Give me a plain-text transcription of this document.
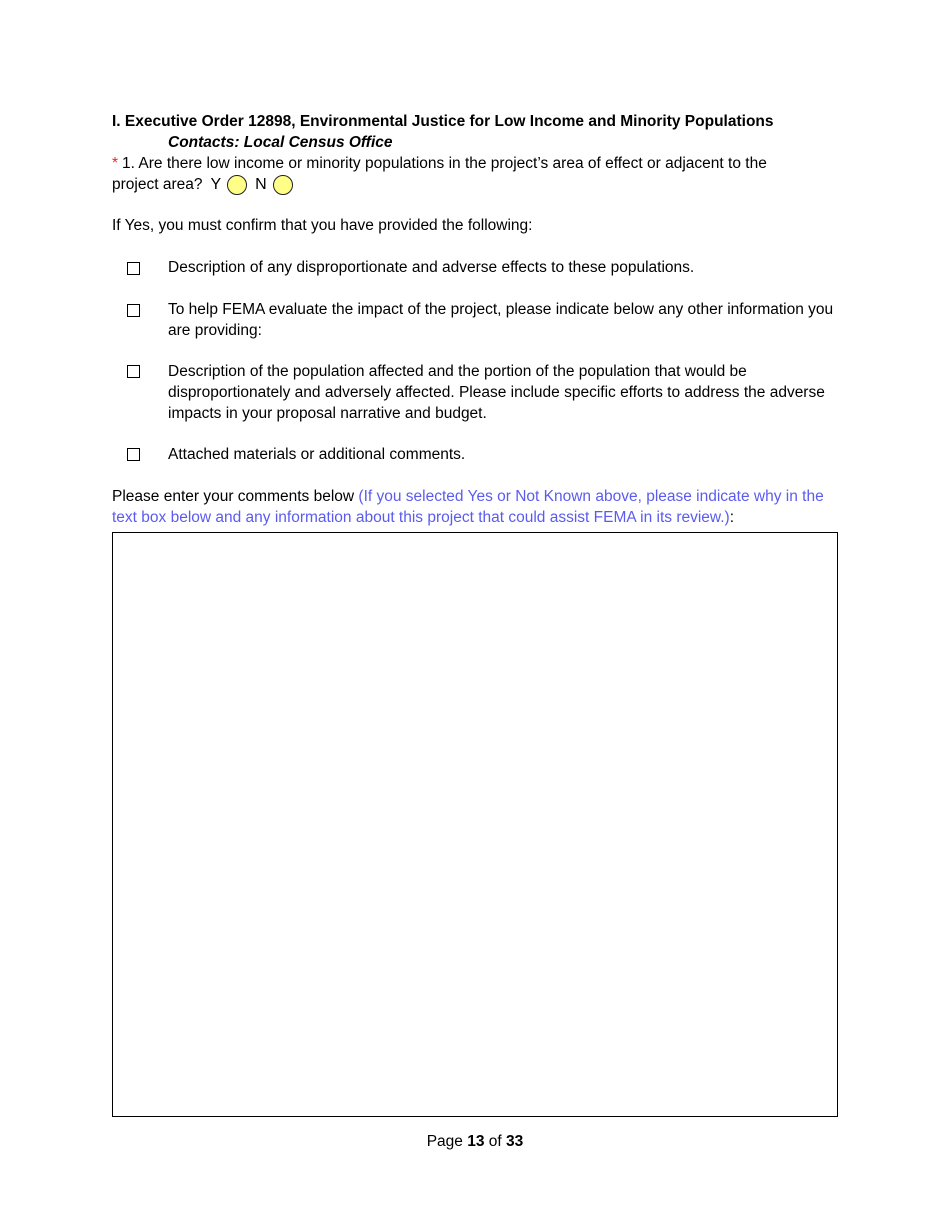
I. Executive Order 12898, Environmental Justice for Low Income and Minority Populations
Contacts: Local Census Office
* 1. Are there low income or minority populations in the project’s area of effect or adjacent to the
project area? Y N
If Yes, you must confirm that you have provided the following:
Description of any disproportionate and adverse effects to these populations.
To help FEMA evaluate the impact of the project, please indicate below any other information you are providing:
Description of the population affected and the portion of the population that would be disproportionately and adversely affected. Please include specific efforts to address the adverse impacts in your proposal narrative and budget.
Attached materials or additional comments.
Please enter your comments below (If you selected Yes or Not Known above, please indicate why in the text box below and any information about this project that could assist FEMA in its review.):
Page 13 of 33
